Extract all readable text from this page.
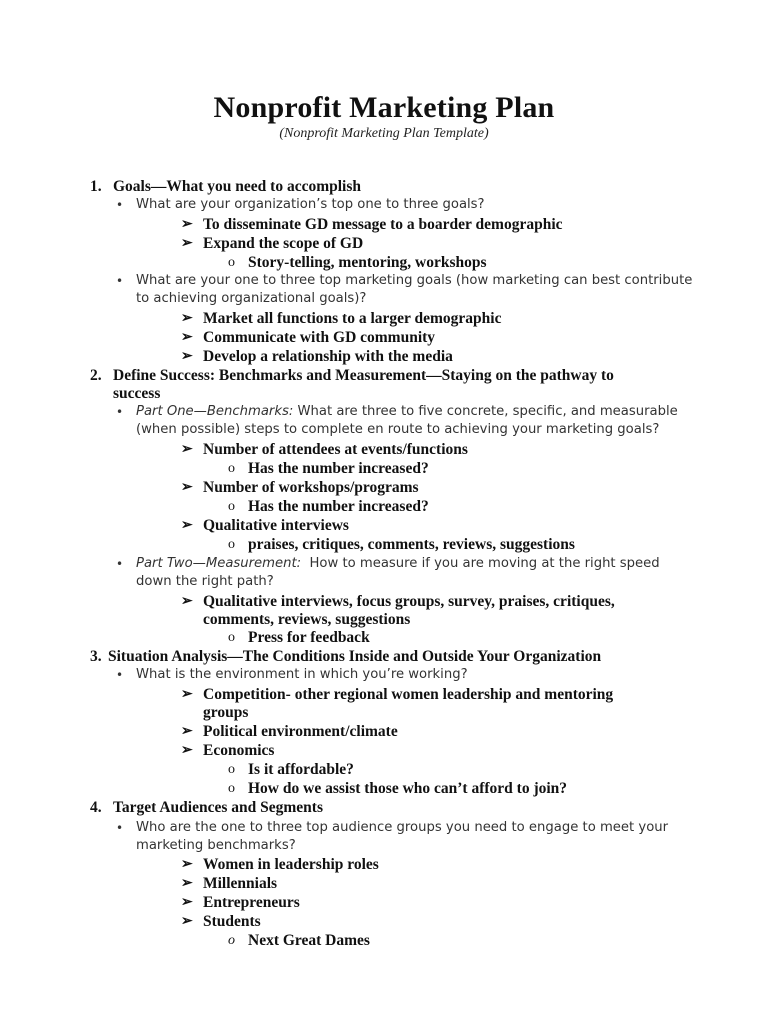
Nonprofit Marketing Plan
(Nonprofit Marketing Plan Template)
1. Goals—What you need to accomplish
• What are your organization’s top one to three goals?
➢ To disseminate GD message to a boarder demographic
➢ Expand the scope of GD
o Story-telling, mentoring, workshops
• What are your one to three top marketing goals (how marketing can best contribute
to achieving organizational goals)?
➢ Market all functions to a larger demographic
➢ Communicate with GD community
➢ Develop a relationship with the media
2. Define Success: Benchmarks and Measurement—Staying on the pathway to
success
• Part One—Benchmarks: What are three to five concrete, specific, and measurable
(when possible) steps to complete en route to achieving your marketing goals?
➢ Number of attendees at events/functions
o Has the number increased?
➢ Number of workshops/programs
o Has the number increased?
➢ Qualitative interviews
o praises, critiques, comments, reviews, suggestions
• Part Two—Measurement: How to measure if you are moving at the right speed
down the right path?
➢ Qualitative interviews, focus groups, survey, praises, critiques,
comments, reviews, suggestions
o Press for feedback
3. Situation Analysis—The Conditions Inside and Outside Your Organization
• What is the environment in which you’re working?
➢ Competition- other regional women leadership and mentoring
groups
➢ Political environment/climate
➢ Economics
o Is it affordable?
o How do we assist those who can’t afford to join?
4. Target Audiences and Segments
• Who are the one to three top audience groups you need to engage to meet your
marketing benchmarks?
➢ Women in leadership roles
➢ Millennials
➢ Entrepreneurs
➢ Students
o Next Great Dames
